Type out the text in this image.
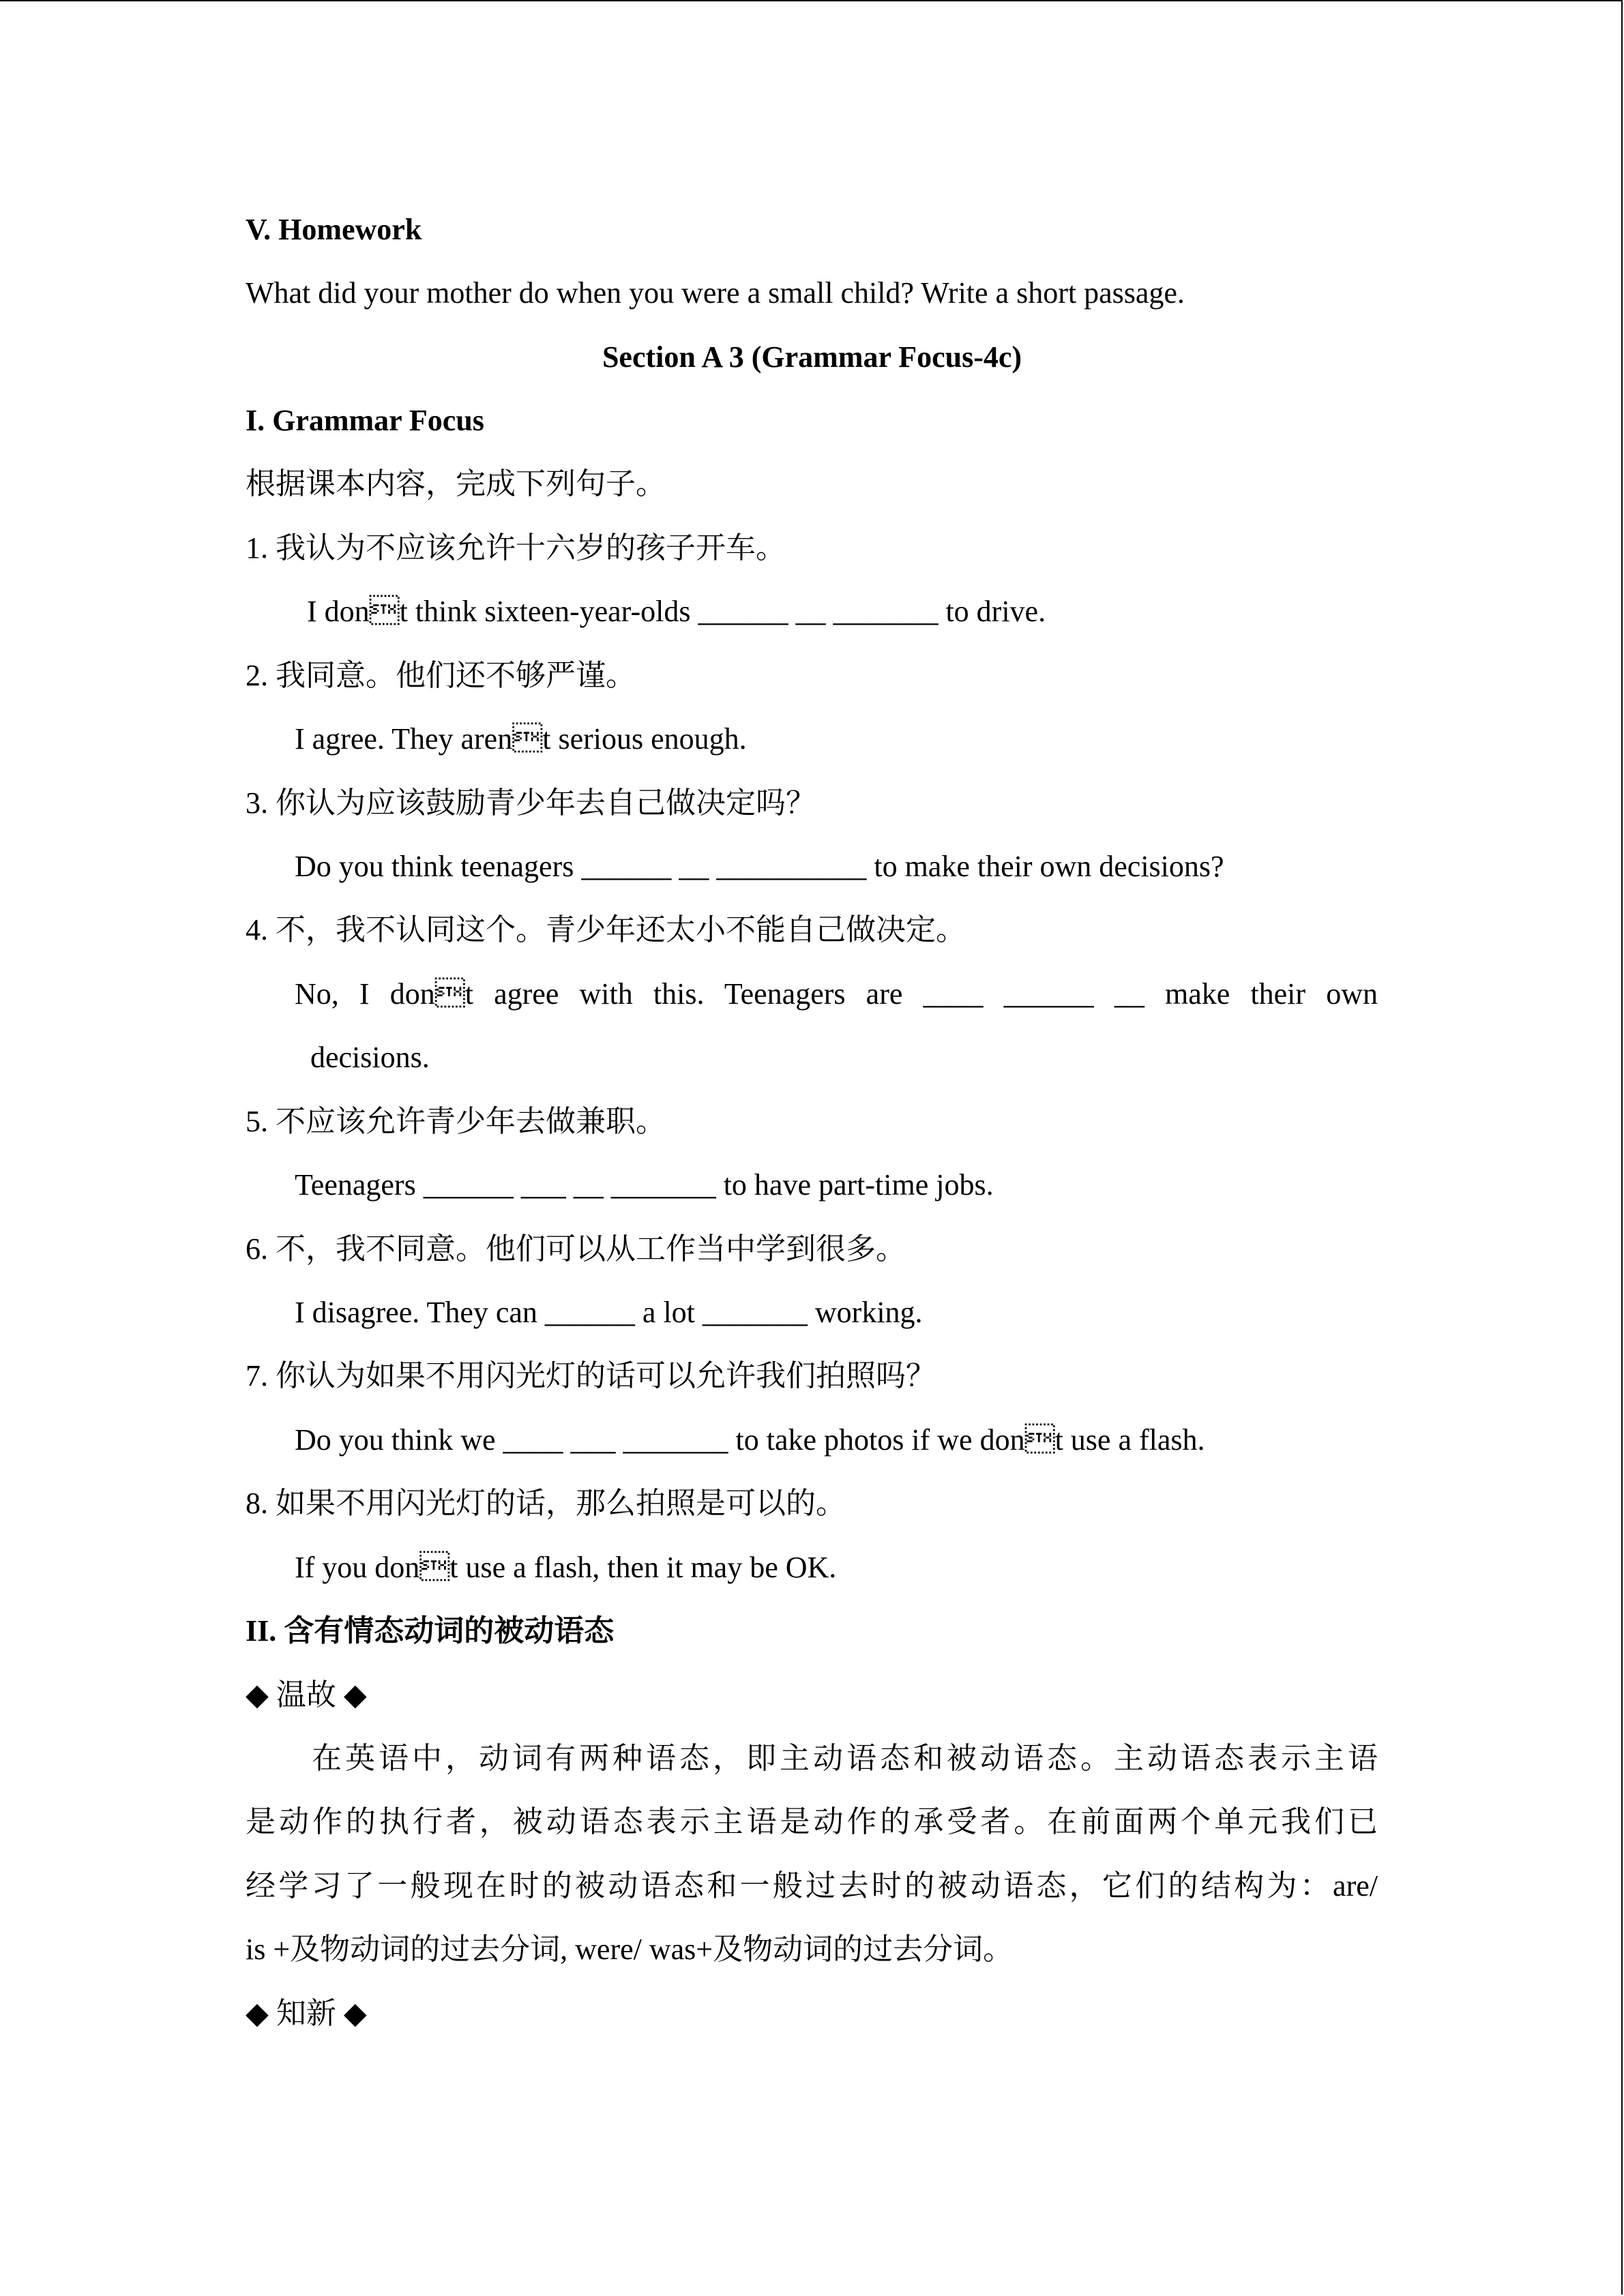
V. Homework
What did your mother do when you were a small child? Write a short passage.
Section A 3 (Grammar Focus-4c)
I. Grammar Focus
根据课本内容，完成下列句子。
1. 我认为不应该允许十六岁的孩子开车。
I dont think sixteen-year-olds ______ __ _______ to drive.
2. 我同意。他们还不够严谨。
I agree. They arent serious enough.
3. 你认为应该鼓励青少年去自己做决定吗？
Do you think teenagers ______ __ __________ to make their own decisions?
4. 不，我不认同这个。青少年还太小不能自己做决定。
No, I dont agree with this. Teenagers are ____ ______ __ make their own
decisions.
5. 不应该允许青少年去做兼职。
Teenagers ______ ___ __ _______ to have part-time jobs.
6. 不，我不同意。他们可以从工作当中学到很多。
I disagree. They can ______ a lot _______ working.
7. 你认为如果不用闪光灯的话可以允许我们拍照吗？
Do you think we ____ ___ _______ to take photos if we dont use a flash.
8. 如果不用闪光灯的话，那么拍照是可以的。
If you dont use a flash, then it may be OK.
II. 含有情态动词的被动语态
◆ 温故 ◆
在英语中，动词有两种语态，即主动语态和被动语态。主动语态表示主语
是动作的执行者，被动语态表示主语是动作的承受者。在前面两个单元我们已
经学习了一般现在时的被动语态和一般过去时的被动语态，它们的结构为：are/
is +及物动词的过去分词, were/ was+及物动词的过去分词。
◆ 知新 ◆
